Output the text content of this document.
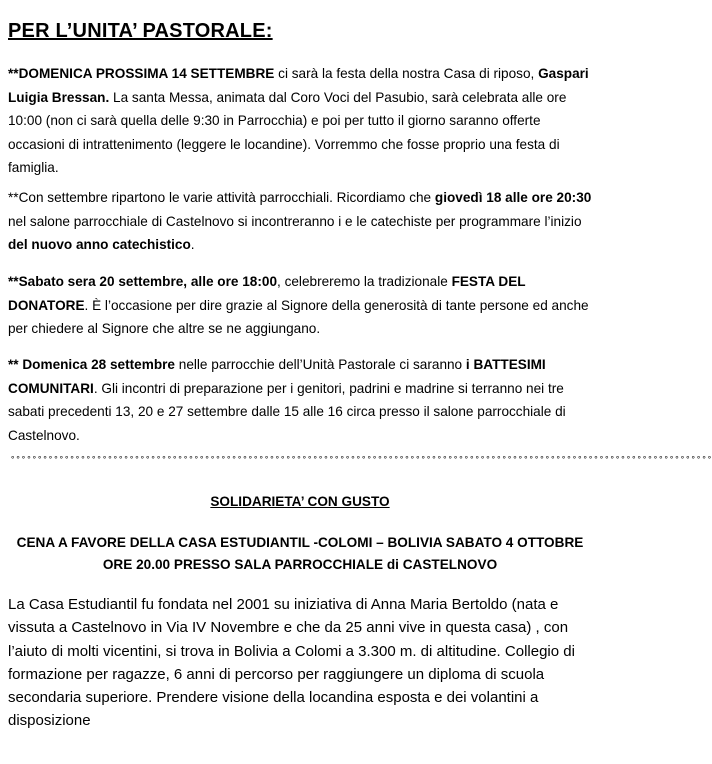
PER L’UNITA’ PASTORALE:
**DOMENICA PROSSIMA 14 SETTEMBRE ci sarà la festa della nostra Casa di riposo, Gaspari Luigia Bressan. La santa Messa, animata dal Coro Voci del Pasubio, sarà celebrata alle ore 10:00 (non ci sarà quella delle 9:30 in Parrocchia) e poi per tutto il giorno saranno offerte occasioni di intrattenimento (leggere le locandine). Vorremmo che fosse proprio una festa di famiglia.
**Con settembre ripartono le varie attività parrocchiali. Ricordiamo che giovedì 18 alle ore 20:30 nel salone parrocchiale di Castelnovo si incontreranno i e le catechiste per programmare l’inizio del nuovo anno catechistico.
**Sabato sera 20 settembre, alle ore 18:00, celebreremo la tradizionale FESTA DEL DONATORE. È l’occasione per dire grazie al Signore della generosità di tante persone ed anche per chiedere al Signore che altre se ne aggiungano.
** Domenica 28 settembre nelle parrocchie dell’Unità Pastorale ci saranno i BATTESIMI COMUNITARI. Gli incontri di preparazione per i genitori, padrini e madrine si terranno nei tre sabati precedenti 13, 20 e 27 settembre dalle 15 alle 16 circa presso il salone parrocchiale di Castelnovo.
°°°°°°°°°°°°°°°°°°°°°°°°°°°°°°°°°°°°°°°°°°°°°°°°°°°°°°°°°°°°°°°°°°°°°°°°°°°°°°°°°°°°°°°°°°°°°°°°°°°°°°°°°°°°°°°°°°°°°°°°°°°°°°°°°°
SOLIDARIETA’ CON GUSTO
CENA A FAVORE DELLA CASA ESTUDIANTIL -COLOMI – BOLIVIA SABATO 4 OTTOBRE ORE 20.00 PRESSO SALA PARROCCHIALE di CASTELNOVO
La Casa Estudiantil fu fondata nel 2001 su iniziativa di Anna Maria Bertoldo (nata e vissuta a Castelnovo in Via IV Novembre e che da 25 anni vive in questa casa) , con l’aiuto di molti vicentini, si trova in Bolivia a Colomi a 3.300 m. di altitudine. Collegio di formazione per ragazze, 6 anni di percorso per raggiungere un diploma di scuola secondaria superiore. Prendere visione della locandina esposta e dei volantini a disposizione
